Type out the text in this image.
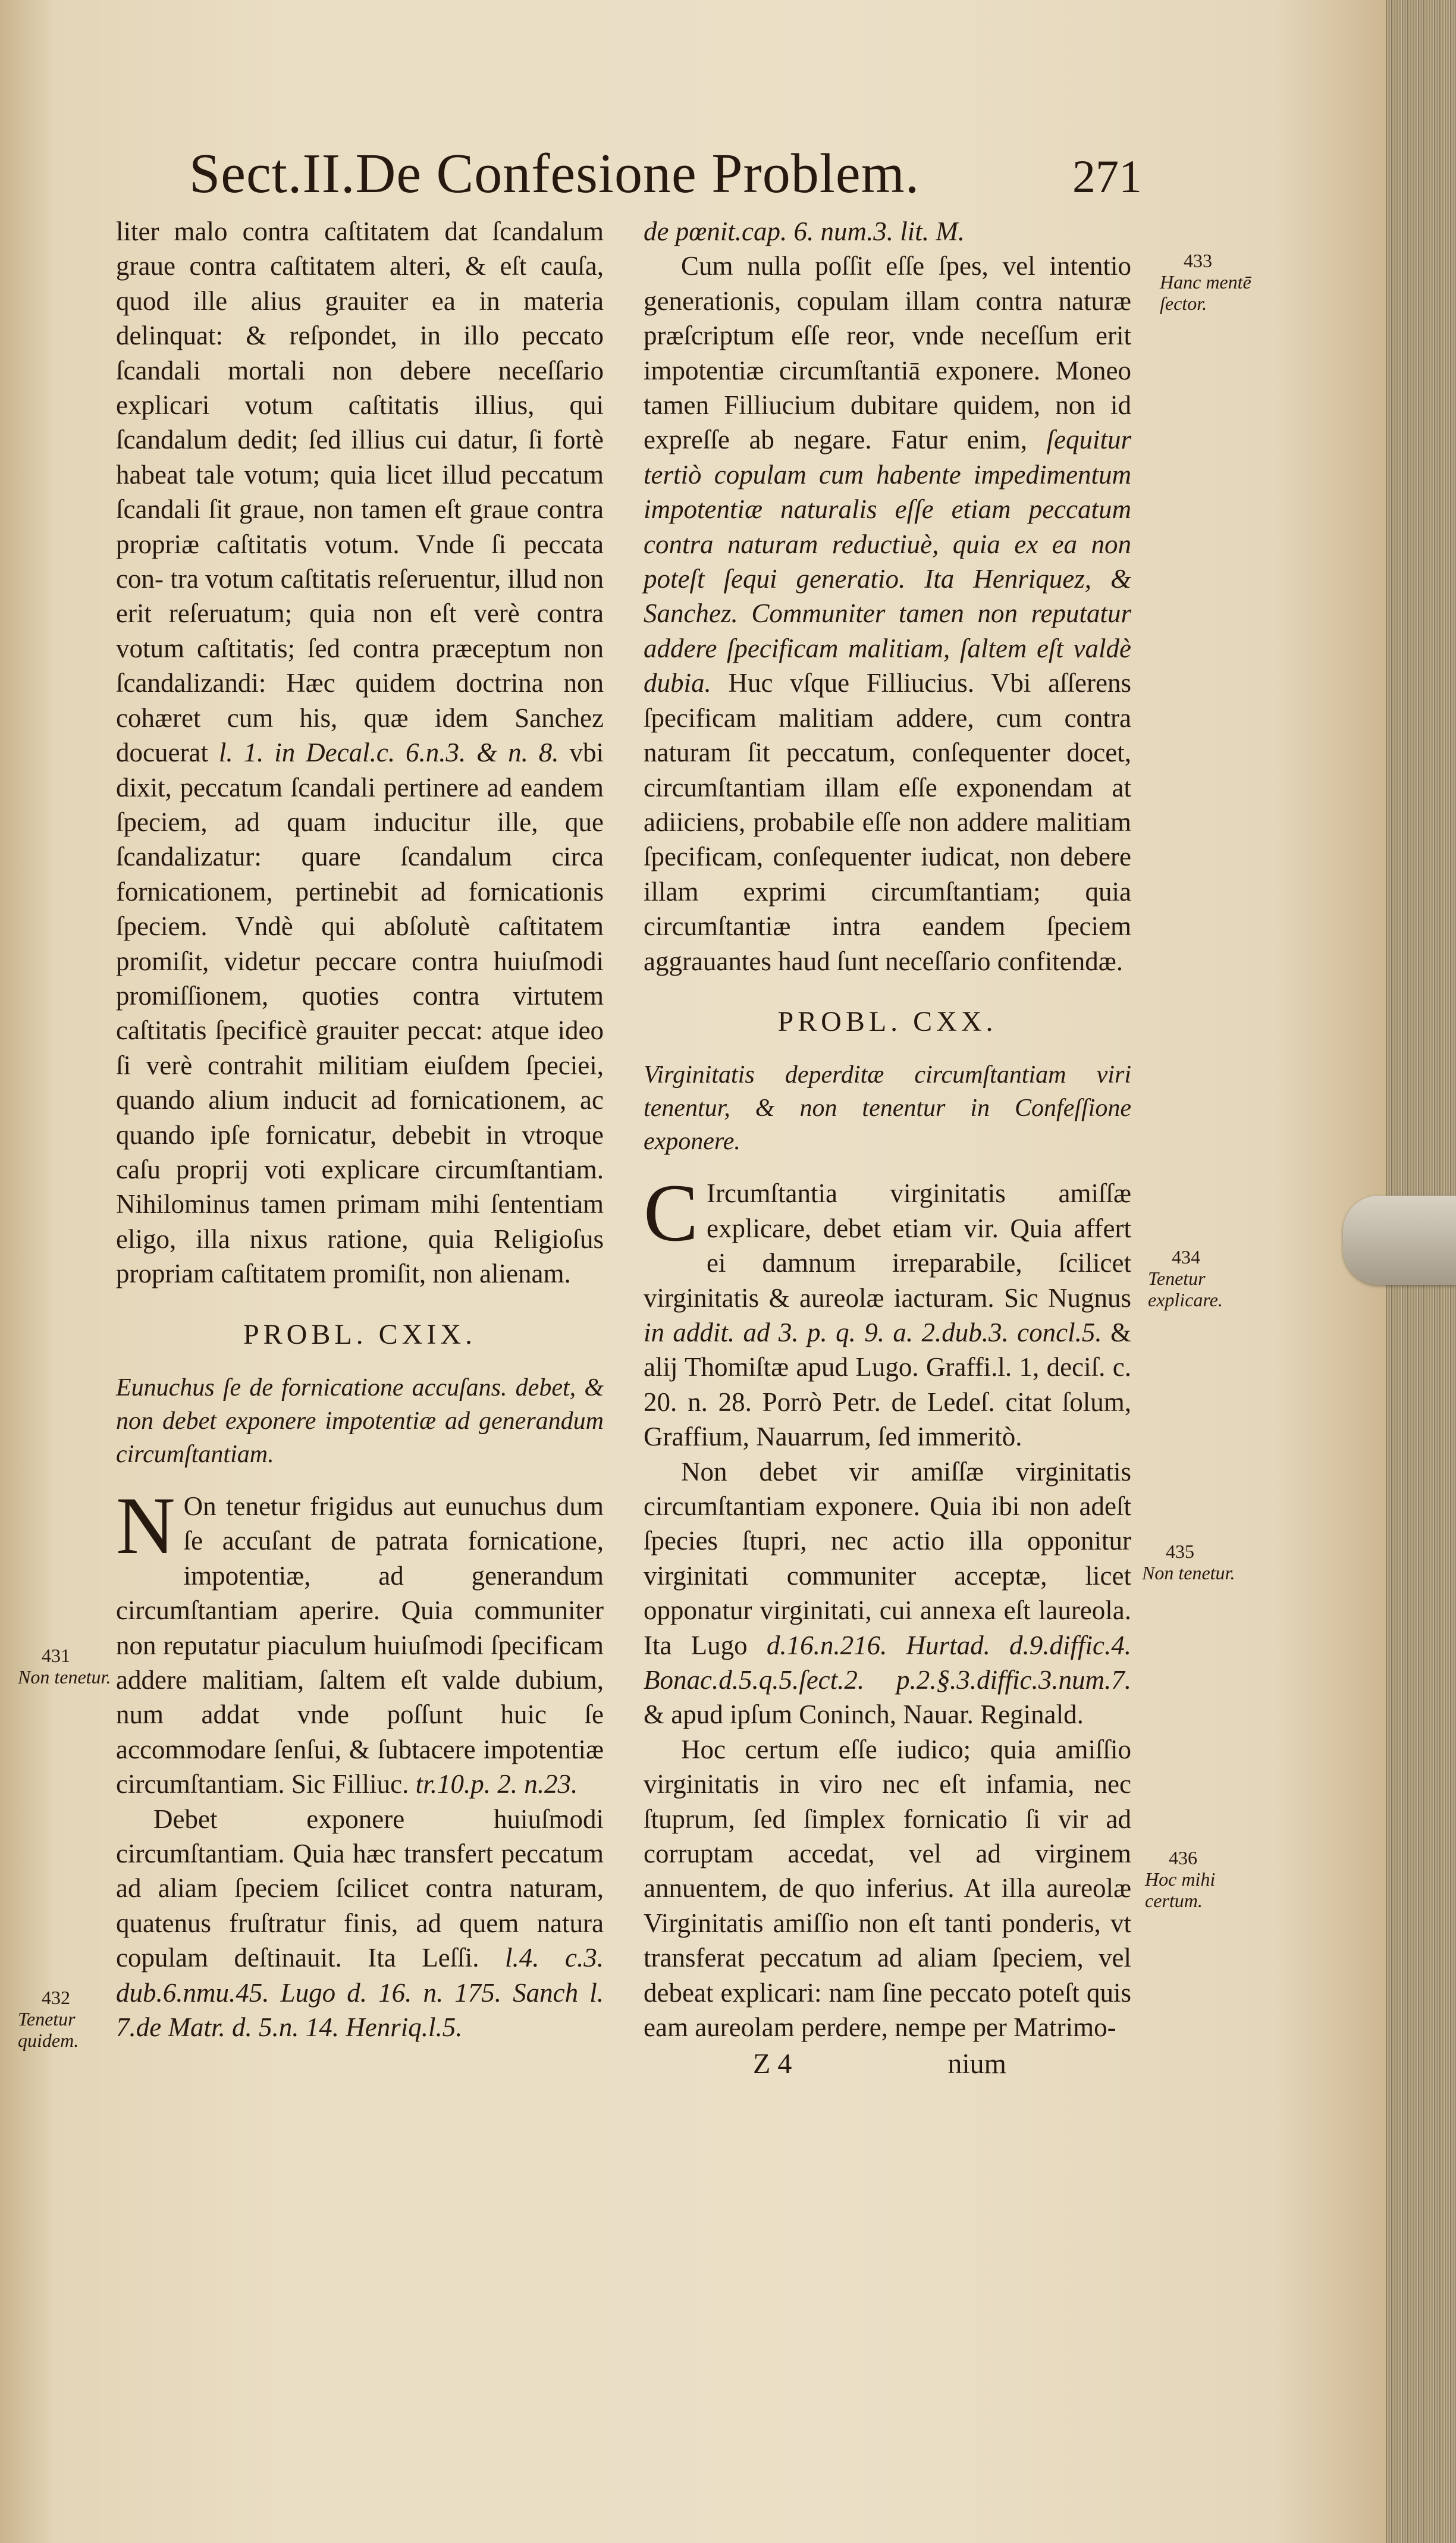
Sect.II.De Confesione Problem.	271

liter malo contra caſtitatem dat ſcandalum graue contra caſtitatem alteri, & eſt cauſa, quod ille alius grauiter ea in materia delinquat: & reſpondet, in illo peccato ſcandali mortali non debere neceſſario explicari votum caſtitatis illius, qui ſcandalum dedit; ſed illius cui datur, ſi fortè habeat tale votum; quia licet illud peccatum ſcandali ſit graue, non tamen eſt graue contra propriæ caſtitatis votum. Vnde ſi peccata con- tra votum caſtitatis reſeruentur, illud non erit reſeruatum; quia non eſt verè contra votum caſtitatis; ſed contra præceptum non ſcandalizandi: Hæc quidem doctrina non cohæret cum his, quæ idem Sanchez docuerat l. 1. in Decal.c. 6.n.3. & n. 8. vbi dixit, peccatum ſcandali pertinere ad eandem ſpeciem, ad quam inducitur ille, que ſcandalizatur: quare ſcandalum circa fornicationem, pertinebit ad fornicationis ſpeciem. Vndè qui abſolutè caſtitatem promiſit, videtur peccare contra huiuſmodi promiſſionem, quoties contra virtutem caſtitatis ſpecificè grauiter peccat: atque ideo ſi verè contrahit militiam eiuſdem ſpeciei, quando alium inducit ad fornicationem, ac quando ipſe fornicatur, debebit in vtroque caſu proprij voti explicare circumſtantiam. Nihilominus tamen primam mihi ſententiam eligo, illa nixus ratione, quia Religioſus propriam caſtitatem promiſit, non alienam.

PROBL. CXIX.

Eunuchus ſe de fornicatione accuſans. debet, & non debet exponere impotentiæ ad generandum circumſtantiam.

N On tenetur frigidus aut eunuchus dum ſe accuſant de patrata fornicatione, impotentiæ, ad generandum circumſtantiam aperire. Quia communiter non reputatur piaculum huiuſmodi ſpecificam addere malitiam, ſaltem eſt valde dubium, num addat vnde poſſunt huic ſe accommodare ſenſui, & ſubtacere impotentiæ circumſtantiam. Sic Filliuc. tr.10.p. 2. n.23.

Debet exponere huiuſmodi circumſtantiam. Quia hæc transfert peccatum ad aliam ſpeciem ſcilicet contra naturam, quatenus fruſtratur finis, ad quem natura copulam deſtinauit. Ita Leſſi. l.4. c.3. dub.6.nmu.45. Lugo d. 16. n. 175. Sanch l. 7.de Matr. d. 5.n. 14. Henriq.l.5.

de pœnit.cap. 6. num.3. lit. M.

Cum nulla poſſit eſſe ſpes, vel intentio generationis, copulam illam contra naturæ præſcriptum eſſe reor, vnde neceſſum erit impotentiæ circumſtantiā exponere. Moneo tamen Filliucium dubitare quidem, non id expreſſe ab negare. Fatur enim, ſequitur tertiò copulam cum habente impedimentum impotentiæ naturalis eſſe etiam peccatum contra naturam reductiuè, quia ex ea non poteſt ſequi generatio. Ita Henriquez, & Sanchez. Communiter tamen non reputatur addere ſpecificam malitiam, ſaltem eſt valdè dubia. Huc vſque Filliucius. Vbi aſſerens ſpecificam malitiam addere, cum contra naturam ſit peccatum, conſequenter docet, circumſtantiam illam eſſe exponendam at adiiciens, probabile eſſe non addere malitiam ſpecificam, conſequenter iudicat, non debere illam exprimi circumſtantiam; quia circumſtantiæ intra eandem ſpeciem aggrauantes haud ſunt neceſſario confitendæ.

PROBL. CXX.

Virginitatis deperditæ circumſtantiam viri tenentur, & non tenentur in Confeſſione exponere.

C Ircumſtantia virginitatis amiſſæ explicare, debet etiam vir. Quia affert ei damnum irreparabile, ſcilicet virginitatis & aureolæ iacturam. Sic Nugnus in addit. ad 3. p. q. 9. a. 2.dub.3. concl.5. & alij Thomiſtæ apud Lugo. Graffi.l. 1, deciſ. c. 20. n. 28. Porrò Petr. de Ledeſ. citat ſolum, Graffium, Nauarrum, ſed immeritò.

Non debet vir amiſſæ virginitatis circumſtantiam exponere. Quia ibi non adeſt ſpecies ſtupri, nec actio illa opponitur virginitati communiter acceptæ, licet opponatur virginitati, cui annexa eſt laureola. Ita Lugo d.16.n.216. Hurtad. d.9.diffic.4. Bonac.d.5.q.5.ſect.2. p.2.§.3.diffic.3.num.7. & apud ipſum Coninch, Nauar. Reginald.

Hoc certum eſſe iudico; quia amiſſio virginitatis in viro nec eſt infamia, nec ſtuprum, ſed ſimplex fornicatio ſi vir ad corruptam accedat, vel ad virginem annuentem, de quo inferius. At illa aureolæ Virginitatis amiſſio non eſt tanti ponderis, vt transferat peccatum ad aliam ſpeciem, vel debeat explicari: nam ſine peccato poteſt quis eam aureolam perdere, nempe per Matrimo-

Z 4	nium

431
Non tenetur.
432
Tenetur quidem.
433
Hanc mentē ſector.
434
Tenetur explicare.
435
Non tenetur.
436
Hoc mihi certum.
